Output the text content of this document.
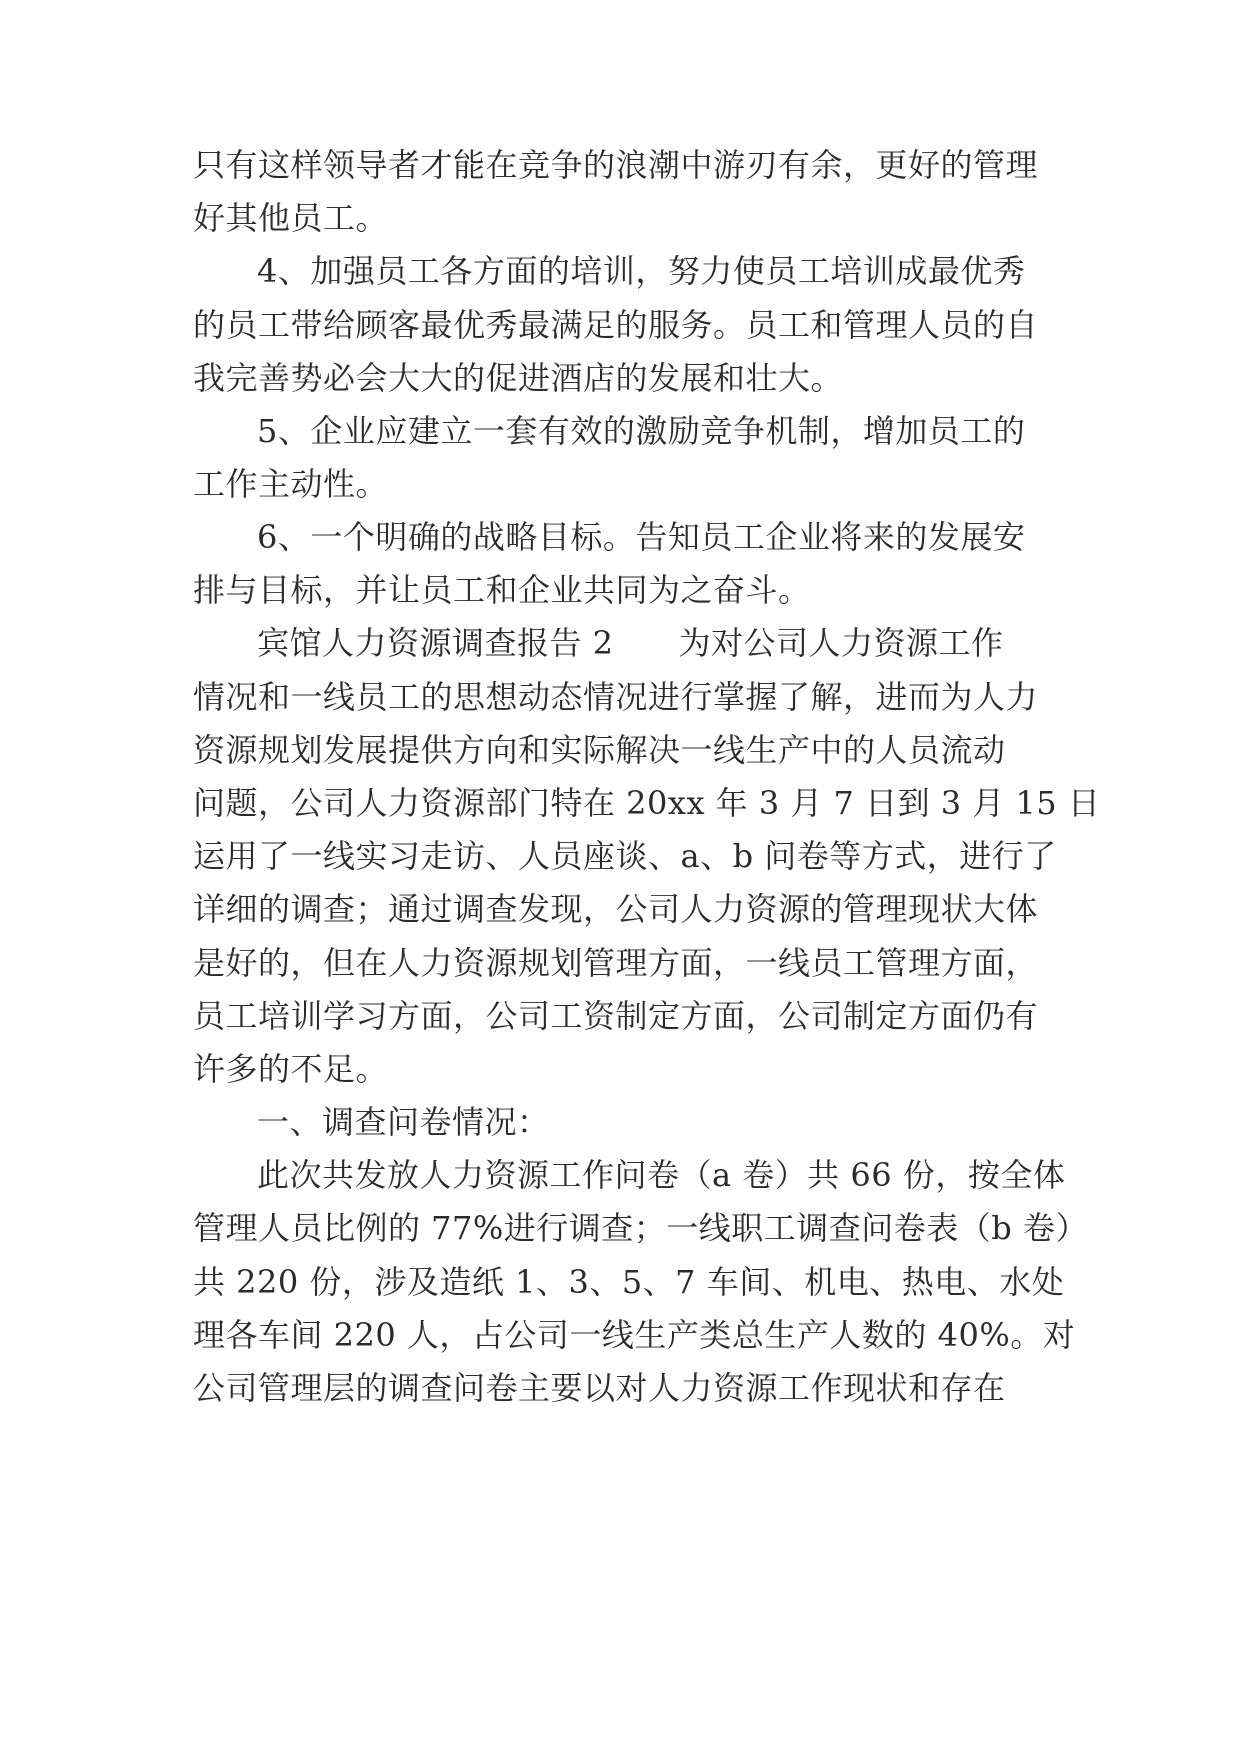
只有这样领导者才能在竞争的浪潮中游刃有余，更好的管理
好其他员工。
4、加强员工各方面的培训，努力使员工培训成最优秀
的员工带给顾客最优秀最满足的服务。员工和管理人员的自
我完善势必会大大的促进酒店的发展和壮大。
5、企业应建立一套有效的激励竞争机制，增加员工的
工作主动性。
6、一个明确的战略目标。告知员工企业将来的发展安
排与目标，并让员工和企业共同为之奋斗。
宾馆人力资源调查报告 2　　为对公司人力资源工作
情况和一线员工的思想动态情况进行掌握了解，进而为人力
资源规划发展提供方向和实际解决一线生产中的人员流动
问题，公司人力资源部门特在 20xx 年 3 月 7 日到 3 月 15 日
运用了一线实习走访、人员座谈、a、b 问卷等方式，进行了
详细的调查；通过调查发现，公司人力资源的管理现状大体
是好的，但在人力资源规划管理方面，一线员工管理方面，
员工培训学习方面，公司工资制定方面，公司制定方面仍有
许多的不足。
一、调查问卷情况：
此次共发放人力资源工作问卷（a 卷）共 66 份，按全体
管理人员比例的 77%进行调查；一线职工调查问卷表（b 卷）
共 220 份，涉及造纸 1、3、5、7 车间、机电、热电、水处
理各车间 220 人，占公司一线生产类总生产人数的 40%。对
公司管理层的调查问卷主要以对人力资源工作现状和存在
